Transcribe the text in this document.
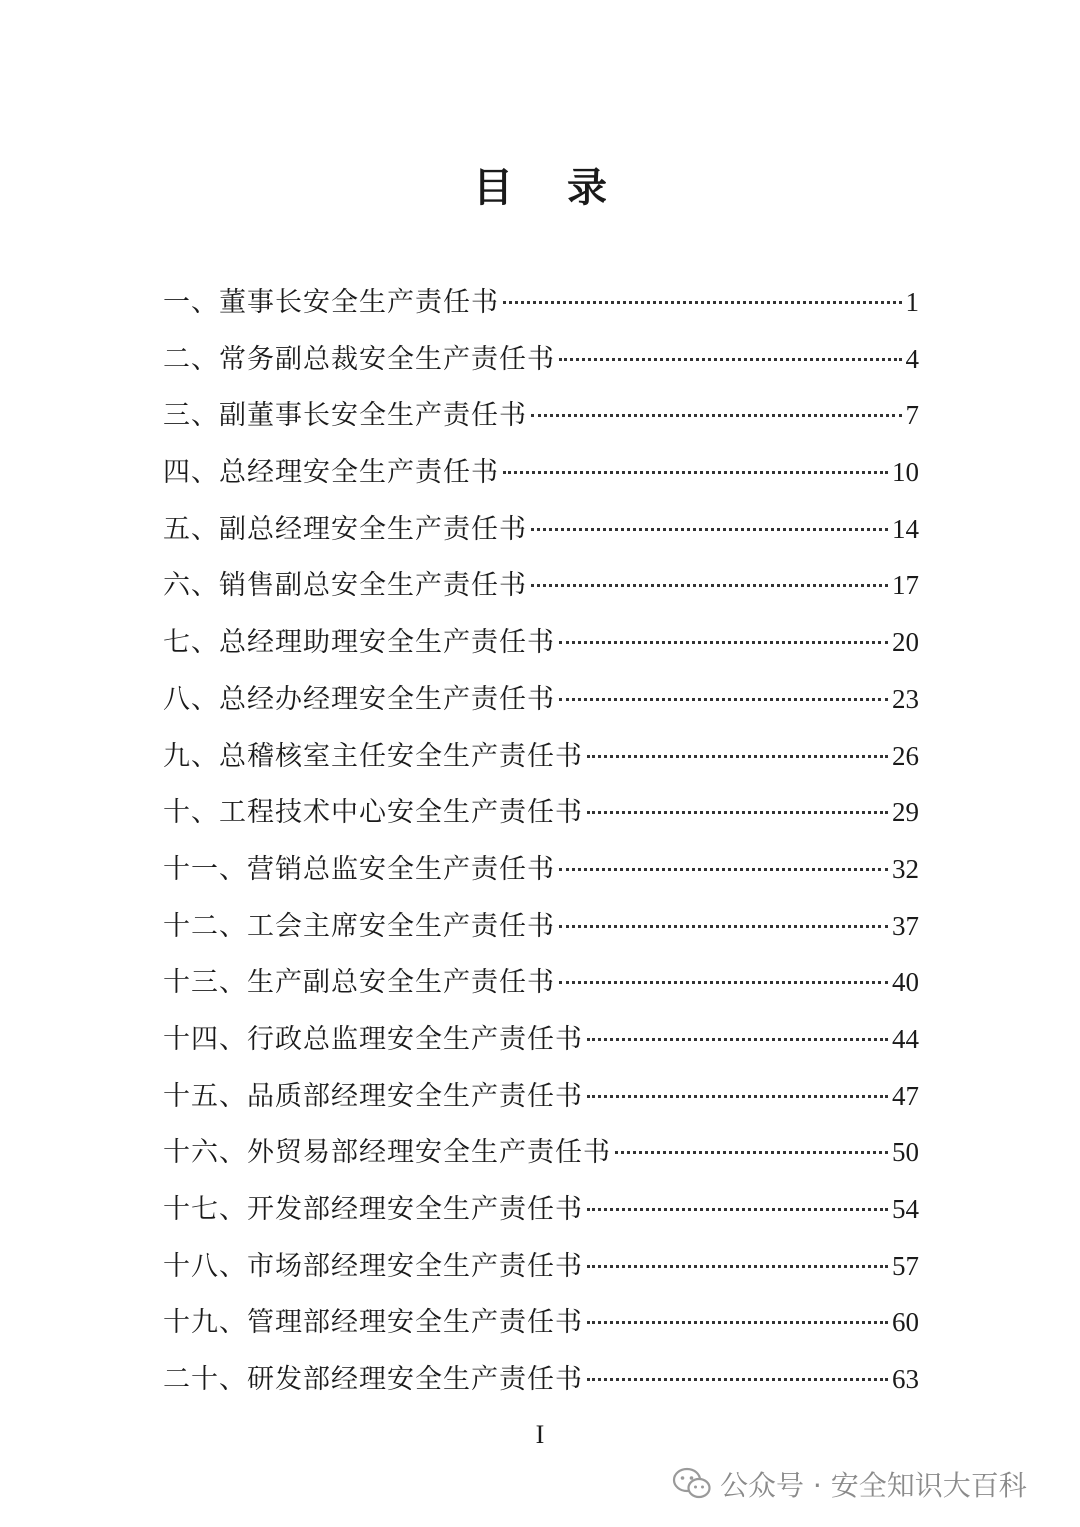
目 录
一、董事长安全生产责任书	1
二、常务副总裁安全生产责任书	4
三、副董事长安全生产责任书	7
四、总经理安全生产责任书	10
五、副总经理安全生产责任书	14
六、销售副总安全生产责任书	17
七、总经理助理安全生产责任书	20
八、总经办经理安全生产责任书	23
九、总稽核室主任安全生产责任书	26
十、工程技术中心安全生产责任书	29
十一、营销总监安全生产责任书	32
十二、工会主席安全生产责任书	37
十三、生产副总安全生产责任书	40
十四、行政总监理安全生产责任书	44
十五、品质部经理安全生产责任书	47
十六、外贸易部经理安全生产责任书	50
十七、开发部经理安全生产责任书	54
十八、市场部经理安全生产责任书	57
十九、管理部经理安全生产责任书	60
二十、研发部经理安全生产责任书	63
I
公众号 · 安全知识大百科
